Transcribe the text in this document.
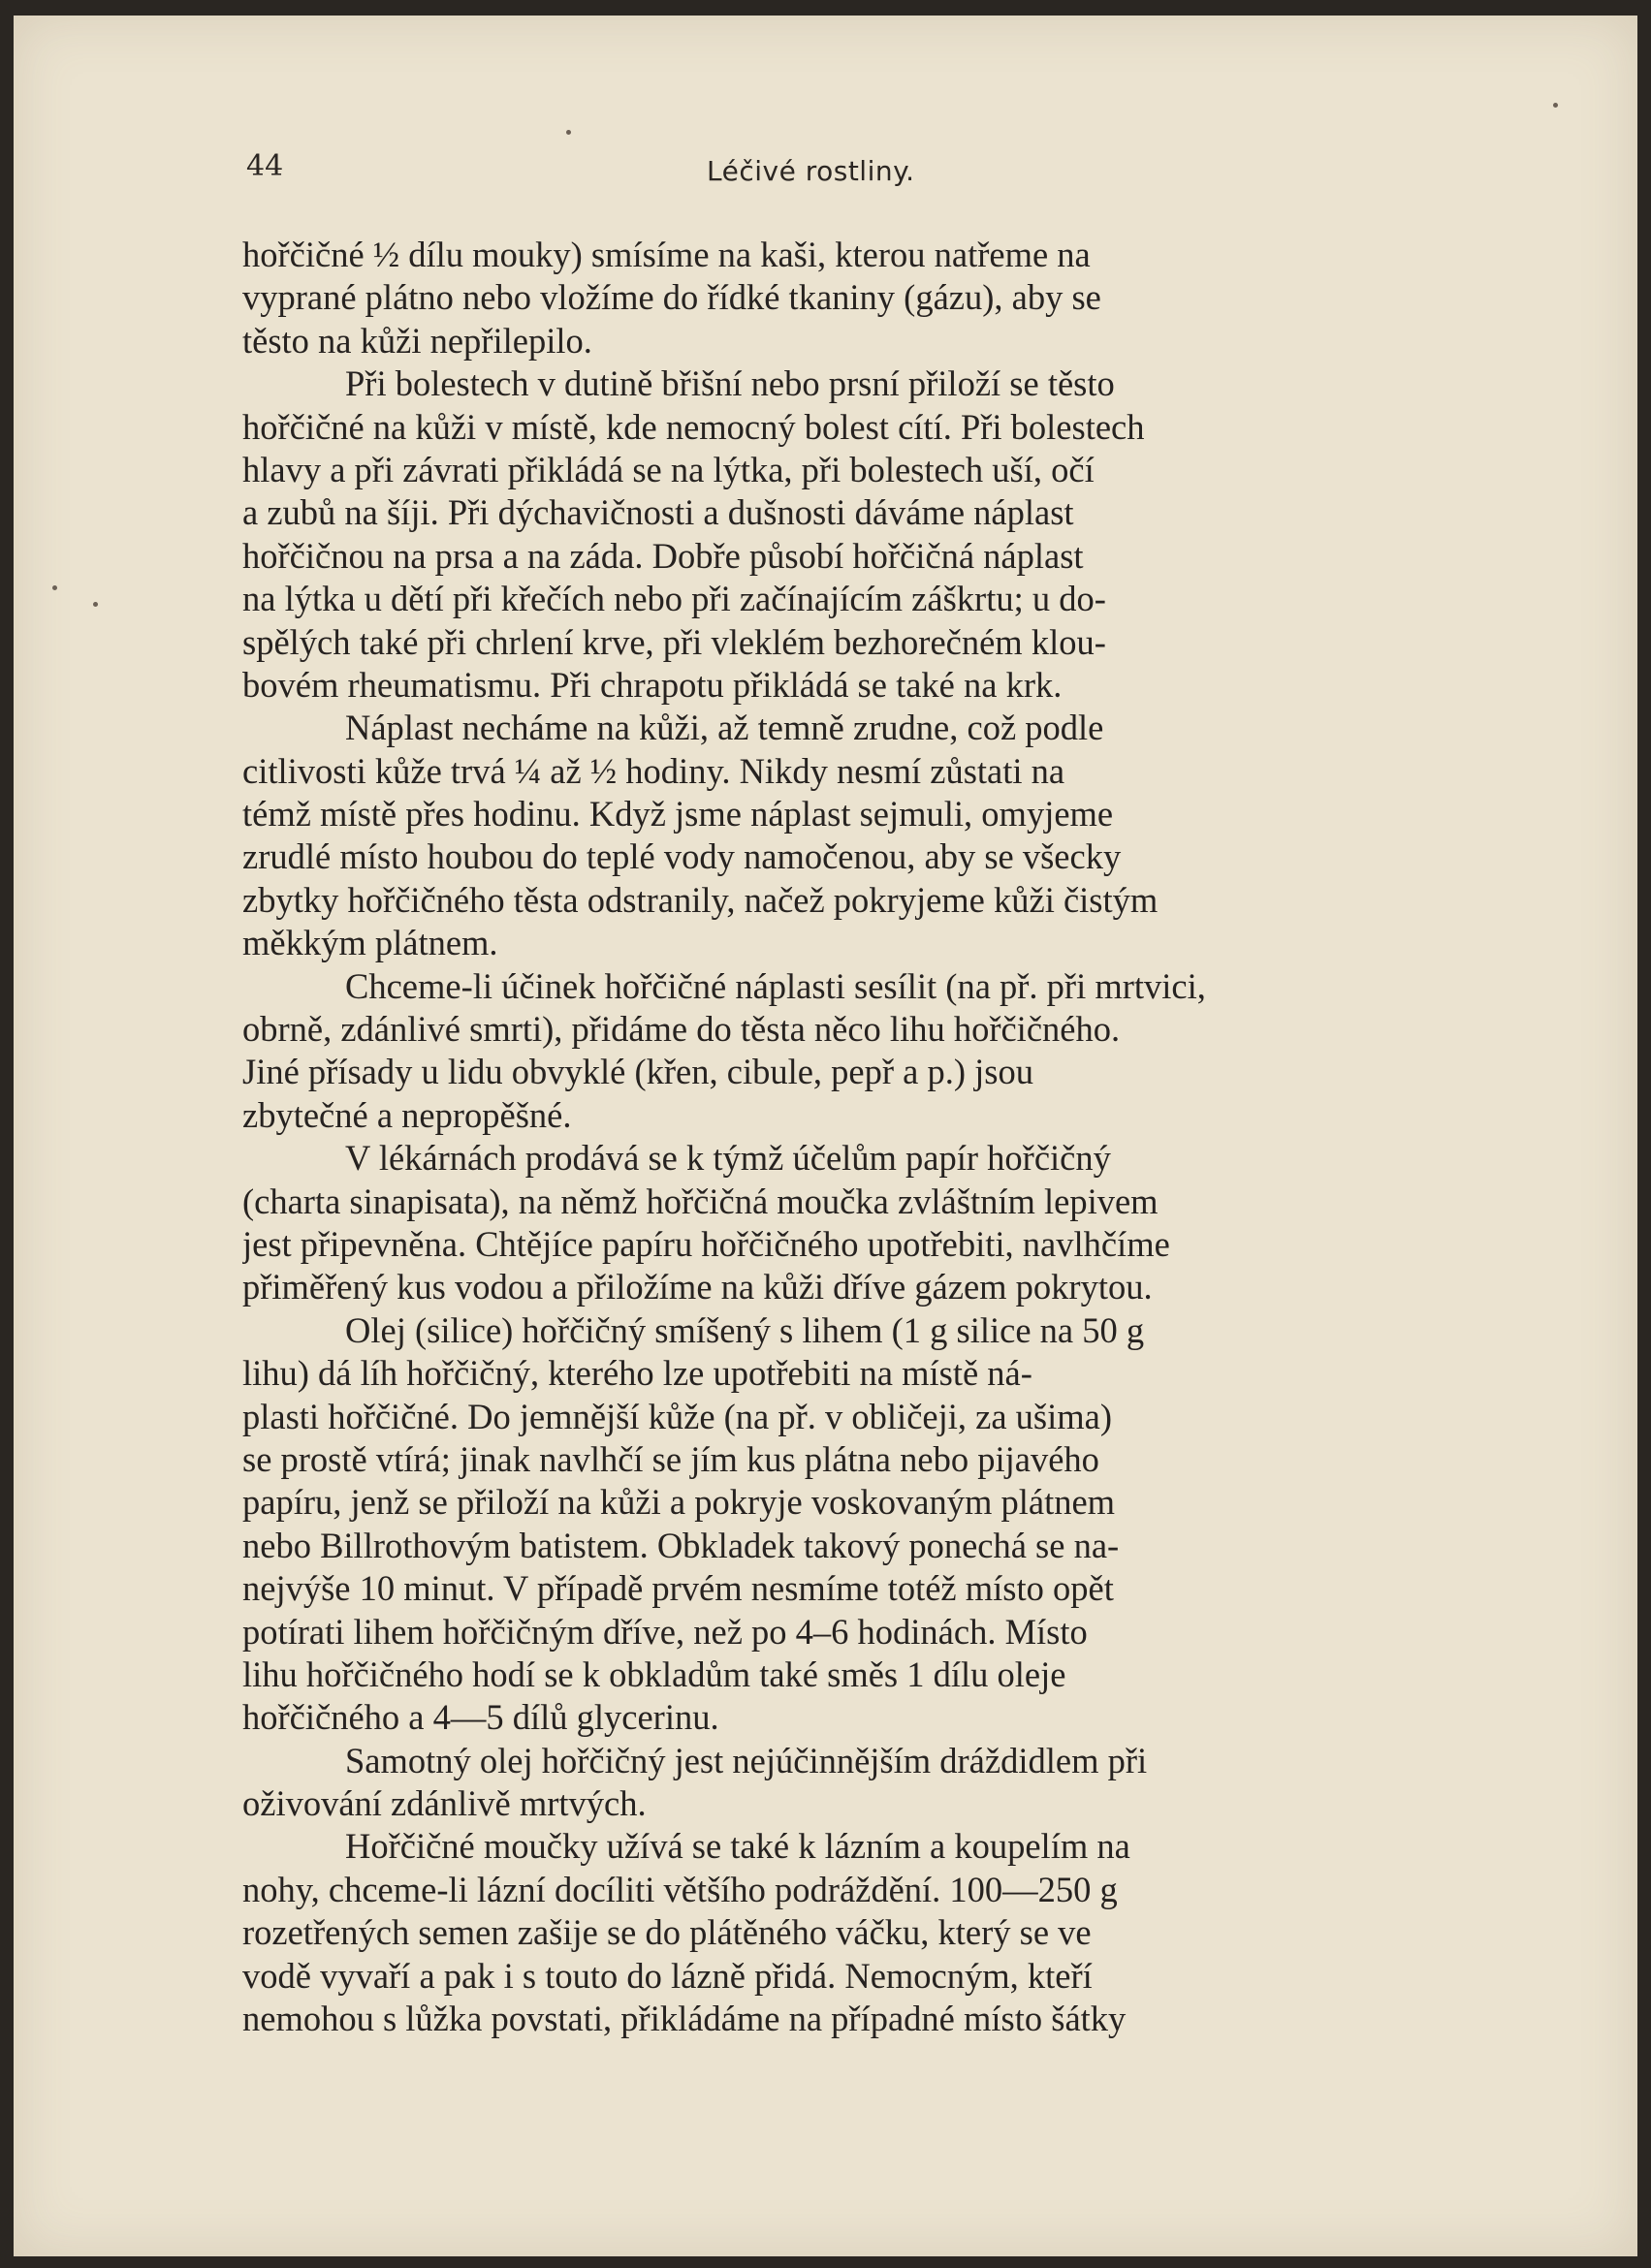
44	Léčivé rostliny.
hořčičné ½ dílu mouky) smísíme na kaši, kterou natřeme na
vyprané plátno nebo vložíme do řídké tkaniny (gázu), aby se
těsto na kůži nepřilepilo.
Při bolestech v dutině břišní nebo prsní přiloží se těsto
hořčičné na kůži v místě, kde nemocný bolest cítí. Při bolestech
hlavy a při závrati přikládá se na lýtka, při bolestech uší, očí
a zubů na šíji. Při dýchavičnosti a dušnosti dáváme náplast
hořčičnou na prsa a na záda. Dobře působí hořčičná náplast
na lýtka u dětí při křečích nebo při začínajícím záškrtu; u do-
spělých také při chrlení krve, při vleklém bezhorečném klou-
bovém rheumatismu. Při chrapotu přikládá se také na krk.
Náplast necháme na kůži, až temně zrudne, což podle
citlivosti kůže trvá ¼ až ½ hodiny. Nikdy nesmí zůstati na
témž místě přes hodinu. Když jsme náplast sejmuli, omyjeme
zrudlé místo houbou do teplé vody namočenou, aby se všecky
zbytky hořčičného těsta odstranily, načež pokryjeme kůži čistým
měkkým plátnem.
Chceme-li účinek hořčičné náplasti sesílit (na př. při mrtvici,
obrně, zdánlivé smrti), přidáme do těsta něco lihu hořčičného.
Jiné přísady u lidu obvyklé (křen, cibule, pepř a p.) jsou
zbytečné a nepropěšné.
V lékárnách prodává se k týmž účelům papír hořčičný
(charta sinapisata), na němž hořčičná moučka zvláštním lepivem
jest připevněna. Chtějíce papíru hořčičného upotřebiti, navlhčíme
přiměřený kus vodou a přiložíme na kůži dříve gázem pokrytou.
Olej (silice) hořčičný smíšený s lihem (1 g silice na 50 g
lihu) dá líh hořčičný, kterého lze upotřebiti na místě ná-
plasti hořčičné. Do jemnější kůže (na př. v obličeji, za ušima)
se prostě vtírá; jinak navlhčí se jím kus plátna nebo pijavého
papíru, jenž se přiloží na kůži a pokryje voskovaným plátnem
nebo Billrothovým batistem. Obkladek takový ponechá se na-
nejvýše 10 minut. V případě prvém nesmíme totéž místo opět
potírati lihem hořčičným dříve, než po 4–6 hodinách. Místo
lihu hořčičného hodí se k obkladům také směs 1 dílu oleje
hořčičného a 4—5 dílů glycerinu.
Samotný olej hořčičný jest nejúčinnějším dráždidlem při
oživování zdánlivě mrtvých.
Hořčičné moučky užívá se také k lázním a koupelím na
nohy, chceme-li lázní docíliti většího podráždění. 100—250 g
rozetřených semen zašije se do plátěného váčku, který se ve
vodě vyvaří a pak i s touto do lázně přidá. Nemocným, kteří
nemohou s lůžka povstati, přikládáme na případné místo šátky
